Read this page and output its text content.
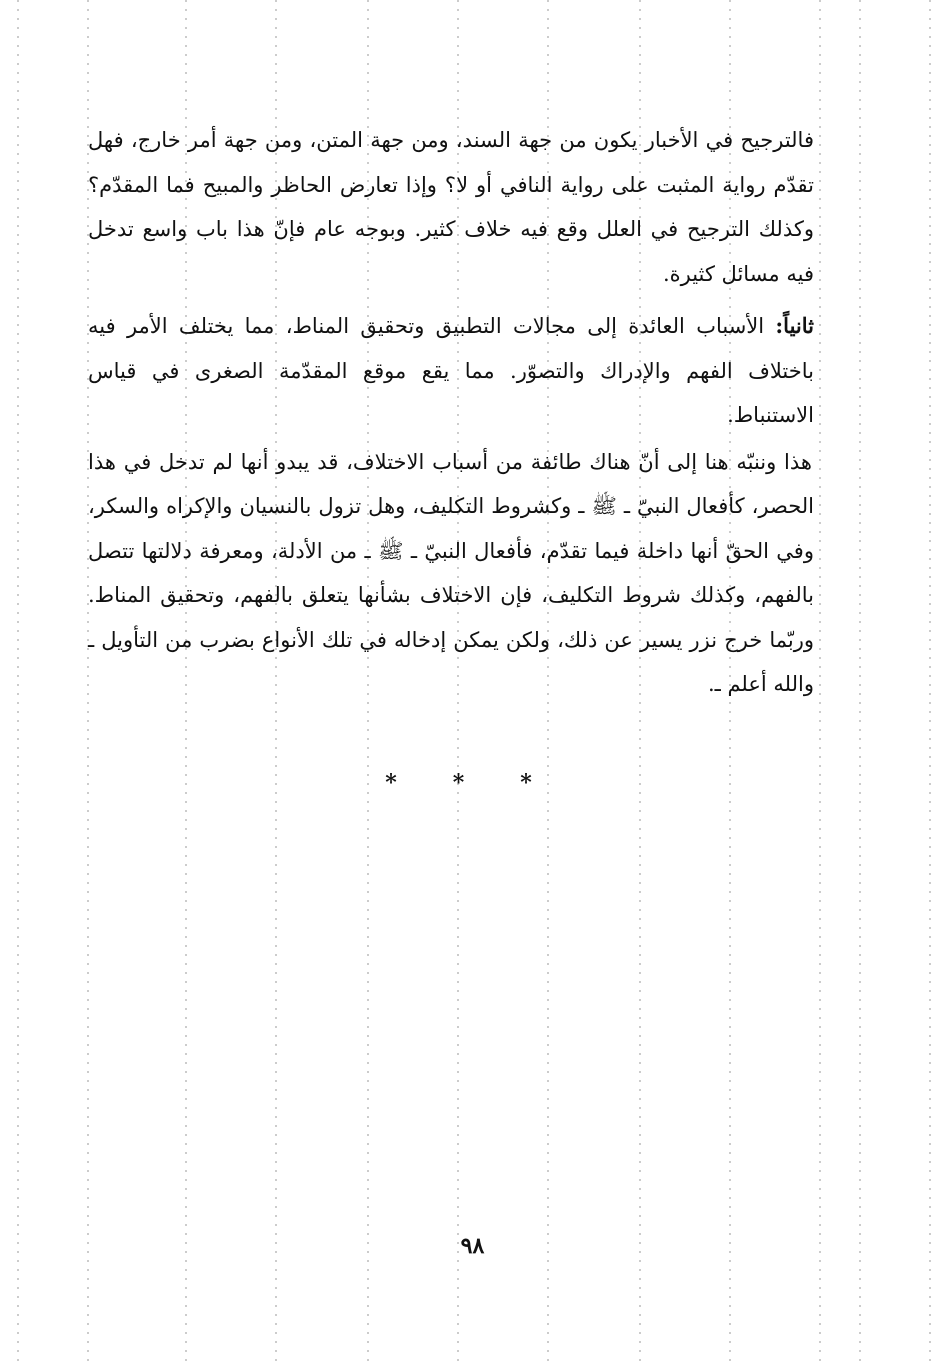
فالترجيح في الأخبار يكون من جهة السند، ومن جهة المتن، ومن جهة أمر خارج، فهل تقدّم رواية المثبت على رواية النافي أو لا؟ وإذا تعارض الحاظر والمبيح فما المقدّم؟ وكذلك الترجيح في العلل وقع فيه خلاف كثير. وبوجه عام فإنّ هذا باب واسع تدخل فيه مسائل كثيرة.

ثانياً: الأسباب العائدة إلى مجالات التطبيق وتحقيق المناط، مما يختلف الأمر فيه باختلاف الفهم والإدراك والتصوّر. مما يقع موقع المقدّمة الصغرى في قياس الاستنباط.

هذا وننبّه هنا إلى أنّ هناك طائفة من أسباب الاختلاف، قد يبدو أنها لم تدخل في هذا الحصر، كأفعال النبيّ ـ ﷺ ـ وكشروط التكليف، وهل تزول بالنسيان والإكراه والسكر، وفي الحقّ أنها داخلة فيما تقدّم، فأفعال النبيّ ـ ﷺ ـ من الأدلة، ومعرفة دلالتها تتصل بالفهم، وكذلك شروط التكليف، فإن الاختلاف بشأنها يتعلق بالفهم، وتحقيق المناط. وربّما خرج نزر يسير عن ذلك، ولكن يمكن إدخاله في تلك الأنواع بضرب من التأويل ـ والله أعلم ـ.

* * *
٩٨
